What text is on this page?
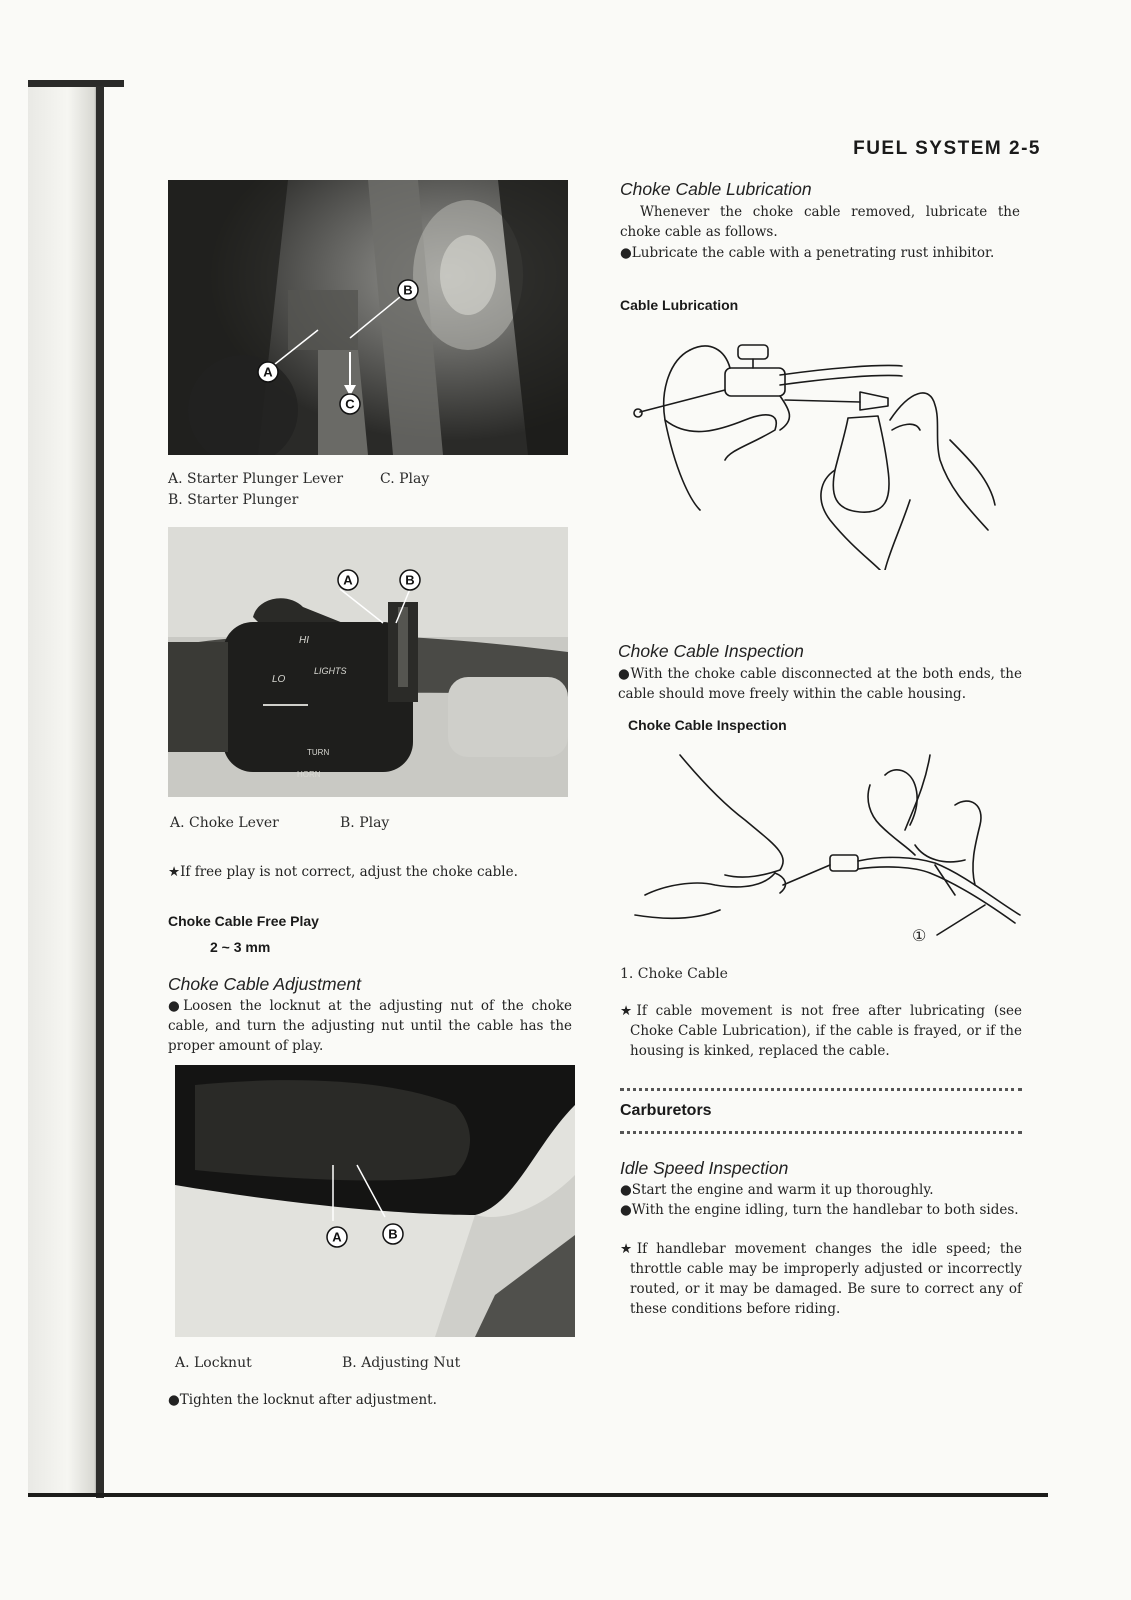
FUEL SYSTEM 2-5
B
A
C
A. Starter Plunger Lever	C. Play
B. Starter Plunger
HI
LIGHTS
LO
TURN
HORN
A	B
A. Choke Lever	B. Play

★If free play is not correct, adjust the choke cable.

Choke Cable Free Play
2 ~ 3 mm
Choke Cable Adjustment

●Loosen the locknut at the adjusting nut of the choke cable, and turn the adjusting nut until the cable has the proper amount of play.

A	B
A. Locknut	B. Adjusting Nut

●Tighten the locknut after adjustment.

Choke Cable Lubrication

Whenever the choke cable removed, lubricate the choke cable as follows.

●Lubricate the cable with a penetrating rust inhibitor.

Cable Lubrication
Choke Cable Inspection

●With the choke cable disconnected at the both ends, the cable should move freely within the cable housing.

Choke Cable Inspection
①
1. Choke Cable

★If cable movement is not free after lubricating (see Choke Cable Lubrication), if the cable is frayed, or if the housing is kinked, replaced the cable.

Carburetors
Idle Speed Inspection

●Start the engine and warm it up thoroughly.

●With the engine idling, turn the handlebar to both sides.

★If handlebar movement changes the idle speed; the throttle cable may be improperly adjusted or incorrectly routed, or it may be damaged. Be sure to correct any of these conditions before riding.
